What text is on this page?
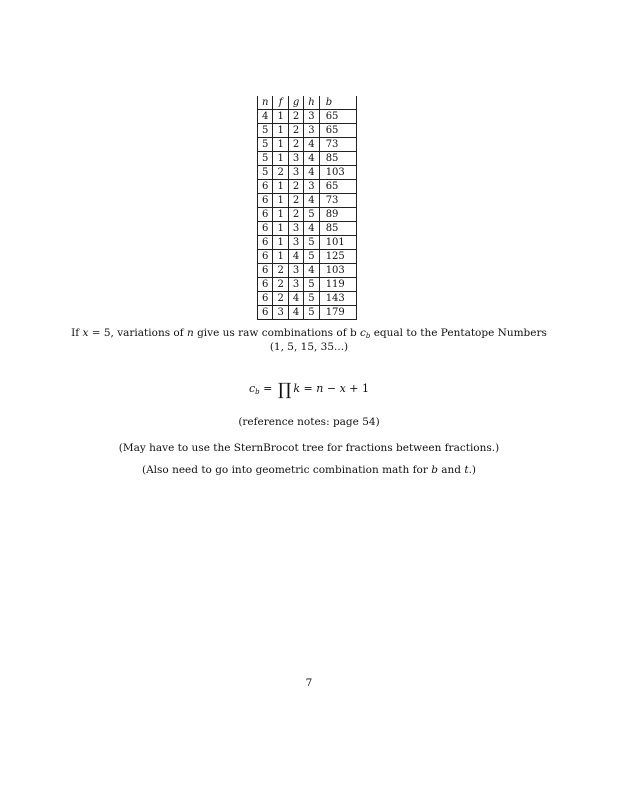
n	f	g	h	b
4	1	2	3	65
5	1	2	3	65
5	1	2	4	73
5	1	3	4	85
5	2	3	4	103
6	1	2	3	65
6	1	2	4	73
6	1	2	5	89
6	1	3	4	85
6	1	3	5	101
6	1	4	5	125
6	2	3	4	103
6	2	3	5	119
6	2	4	5	143
6	3	4	5	179
If x = 5, variations of n give us raw combinations of b $c_b$ equal to the Pentatope Numbers
(1, 5, 15, 35...)
$c_b$ = ∏ k = n − x + 1
(reference notes: page 54)
(May have to use the SternBrocot tree for fractions between fractions.)
(Also need to go into geometric combination math for b and t.)
7
